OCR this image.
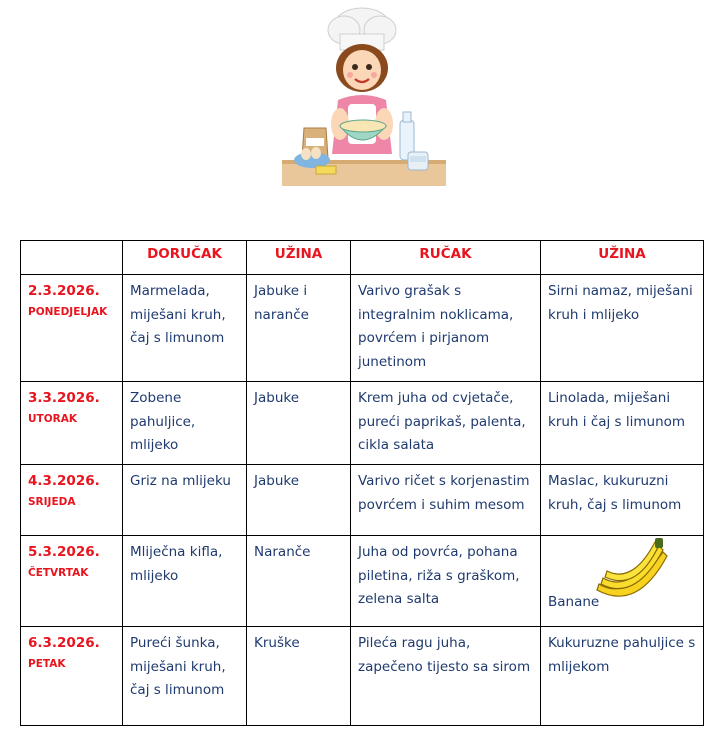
	DORUČAK	UŽINA	RUČAK	UŽINA

2.3.2026.
PONEDJELJAK	Marmelada, miješani kruh, čaj s limunom	Jabuke i naranče	Varivo grašak s integralnim noklicama, povrćem i pirjanom junetinom	Sirni namaz, miješani kruh i mlijeko

3.3.2026.
UTORAK	Zobene pahuljice, mlijeko	Jabuke	Krem juha od cvjetače, pureći paprikaš, palenta, cikla salata	Linolada, miješani kruh i čaj s limunom

4.3.2026.
SRIJEDA	Griz na mlijeku	Jabuke	Varivo ričet s korjenastim povrćem i suhim mesom	Maslac, kukuruzni kruh, čaj s limunom

5.3.2026.
ČETVRTAK	Mliječna kifla, mlijeko	Naranče	Juha od povrća, pohana piletina, riža s graškom, zelena salta	Banane

6.3.2026.
PETAK	Pureći šunka, miješani kruh, čaj s limunom	Kruške	Pileća ragu juha, zapečeno tijesto sa sirom	Kukuruzne pahuljice s mlijekom
